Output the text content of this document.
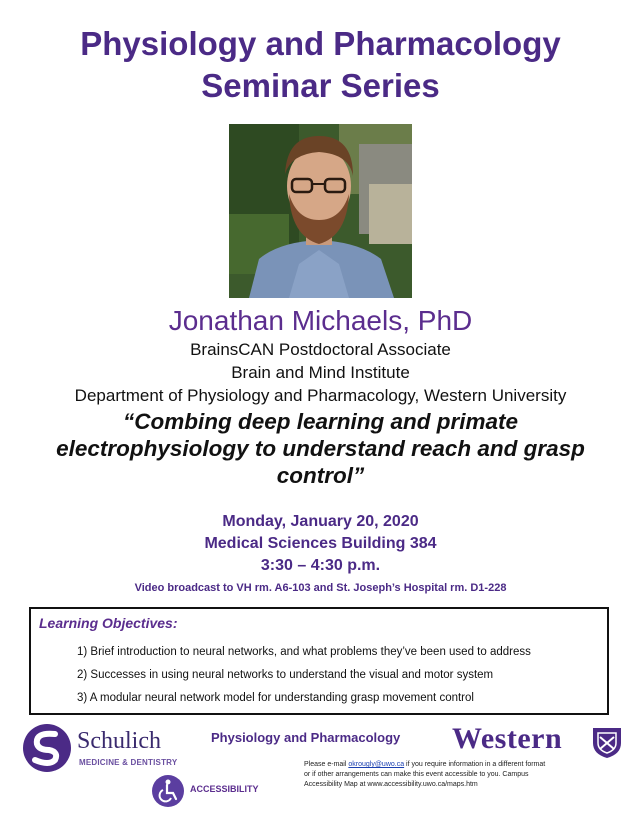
Physiology and Pharmacology
Seminar Series
Jonathan Michaels, PhD
BrainsCAN Postdoctoral Associate
Brain and Mind Institute
Department of Physiology and Pharmacology, Western University
“Combing deep learning and primate electrophysiology to understand reach and grasp control”
Monday, January 20, 2020
Medical Sciences Building 384
3:30 – 4:30 p.m.
Video broadcast to VH rm. A6-103 and St. Joseph’s Hospital rm. D1-228
Learning Objectives:
1) Brief introduction to neural networks, and what problems they’ve been used to address
2) Successes in using neural networks to understand the visual and motor system
3) A modular neural network model for understanding grasp movement control
Schulich
MEDICINE & DENTISTRY
Physiology and Pharmacology Western
ACCESSIBILITY
Please e-mail okrougly@uwo.ca if you require information in a different format
or if other arrangements can make this event accessible to you. Campus
Accessibility Map at www.accessibility.uwo.ca/maps.htm
